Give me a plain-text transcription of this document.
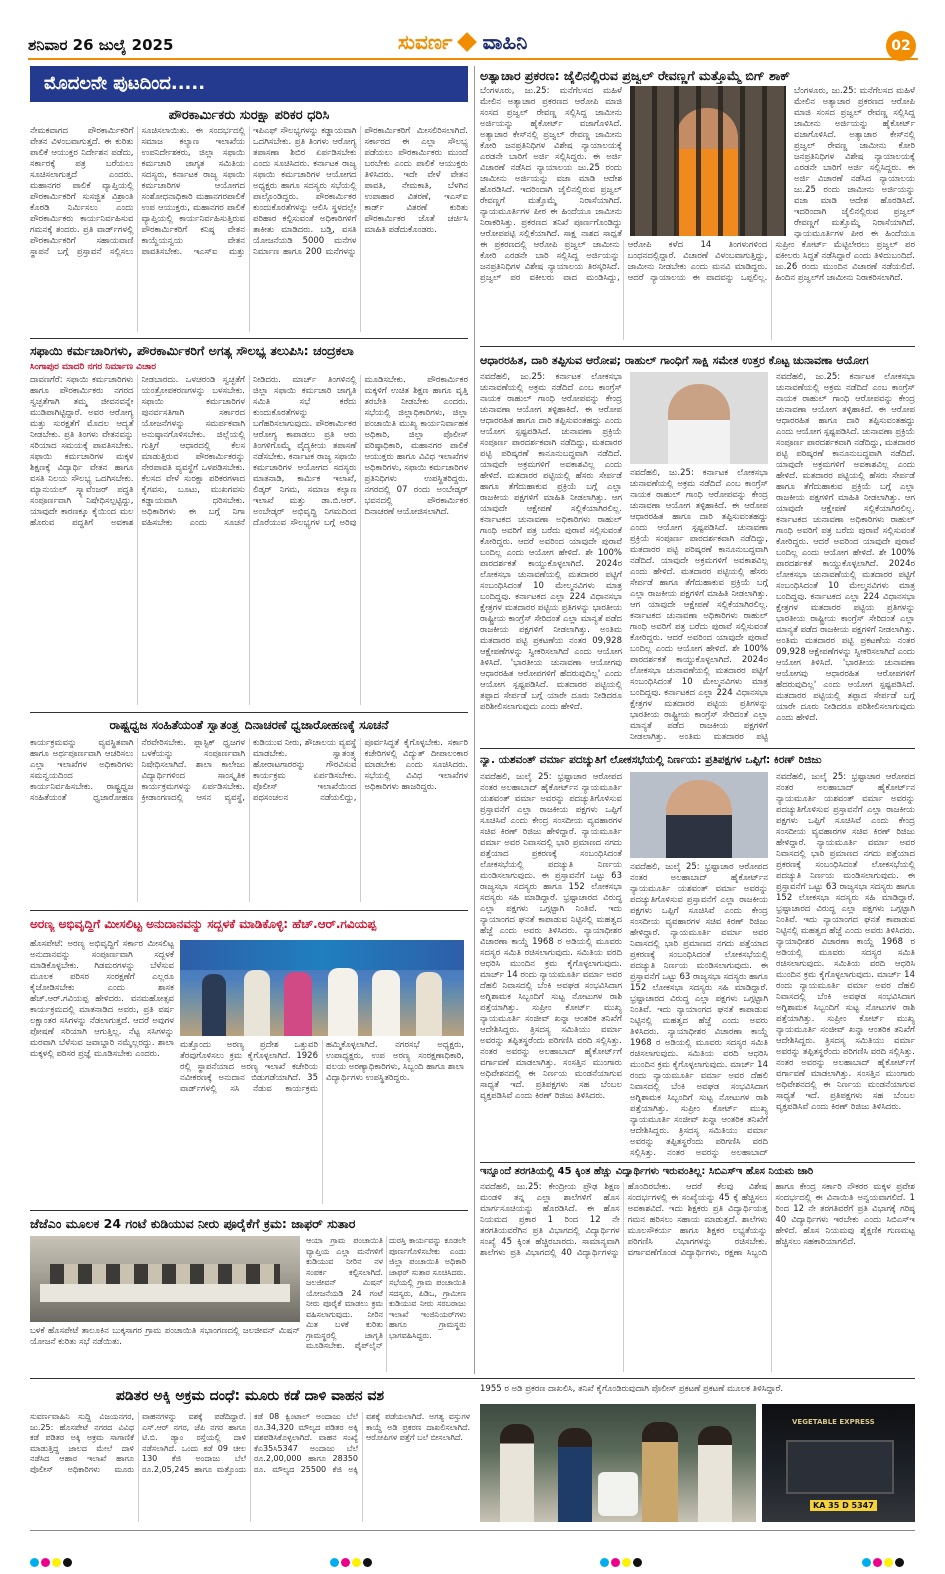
ಶನಿವಾರ 26 ಜುಲೈ 2025	ಸುವರ್ಣ ವಾಹಿನಿ	02
ಮೊದಲನೇ ಪುಟದಿಂದ.....
ಪೌರಕಾರ್ಮಿಕರು ಸುರಕ್ಷಾ ಪರಿಕರ ಧರಿಸಿ
ನೇಮಕವಾಗದ ಪೌರಕಾರ್ಮಿಕರಿಗೆ ವೇತನ ವಿಳಂಬವಾಗುತ್ತದೆ. ಈ ಕುರಿತು ಪಾಲಿಕೆ ಆಯುಕ್ತರ ನಿರ್ದೇಶನ ಪಡೆದು, ಸರ್ಕಾರಕ್ಕೆ ಪತ್ರ ಬರೆಯಲು ಸೂಚಿಸಲಾಗುತ್ತದೆ ಎಂದರು. ಮಹಾನಗರ ಪಾಲಿಕೆ ವ್ಯಾಪ್ತಿಯಲ್ಲಿ ಪೌರಕಾರ್ಮಿಕರಿಗೆ ಸುಸಜ್ಜಿತ ವಿಶ್ರಾಂತಿ ಕೊಠಡಿ ನಿರ್ಮಿಸಲು ಎಂದು ಪೌರಕಾರ್ಮಿಕರು ಕಾರ್ಯನಿರ್ವಹಿಸುವ ಗಮನಕ್ಕೆ ತಂದರು. ಪ್ರತಿ ವಾರ್ಡ್‌ಗಳಲ್ಲಿ ಪೌರಕಾರ್ಮಿಕರಿಗೆ ಸಹಾಯವಾಣಿ ಸ್ಥಾಪನೆ ಬಗ್ಗೆ ಪ್ರಸ್ತಾವನೆ ಸಲ್ಲಿಸಲು ಸೂಚಿಸಲಾಯಿತು. ಈ ಸಂದರ್ಭದಲ್ಲಿ ಸಮಾಜ ಕಲ್ಯಾಣ ಇಲಾಖೆಯ ಉಪನಿರ್ದೇಶಕರು, ಜಿಲ್ಲಾ ಸಫಾಯಿ ಕರ್ಮಚಾರಿ ಜಾಗೃತ ಸಮಿತಿಯ ಸದಸ್ಯರು, ಕರ್ನಾಟಕ ರಾಜ್ಯ ಸಫಾಯಿ ಕರ್ಮಚಾರಿಗಳ ಆಯೋಗದ ಸಂಶೋಧನಾಧಿಕಾರಿ ಮಹಾನಗರಪಾಲಿಕೆ ಉಪ ಆಯುಕ್ತರು, ಮಹಾನಗರ ಪಾಲಿಕೆ ವ್ಯಾಪ್ತಿಯಲ್ಲಿ ಕಾರ್ಯನಿರ್ವಹಿಸುತ್ತಿರುವ ಪೌರಕಾರ್ಮಿಕರಿಗೆ ಕನಿಷ್ಠ ವೇತನ ಕಾಯ್ದೆಯನ್ವಯ ವೇತನ ಪಾವತಿಸಬೇಕು. ಇಎಸ್‌ಐ ಮತ್ತು ಇಪಿಎಫ್ ಸೌಲಭ್ಯಗಳನ್ನು ಕಡ್ಡಾಯವಾಗಿ ಒದಗಿಸಬೇಕು. ಪ್ರತಿ ತಿಂಗಳು ಆರೋಗ್ಯ ತಪಾಸಣಾ ಶಿಬಿರ ಏರ್ಪಡಿಸಬೇಕು ಎಂದು ಸೂಚಿಸಿದರು. ಕರ್ನಾಟಕ ರಾಜ್ಯ ಸಫಾಯಿ ಕರ್ಮಚಾರಿಗಳ ಆಯೋಗದ ಅಧ್ಯಕ್ಷರು ಹಾಗೂ ಸದಸ್ಯರು ಸಭೆಯಲ್ಲಿ ಪಾಲ್ಗೊಂಡಿದ್ದರು. ಪೌರಕಾರ್ಮಿಕರ ಕುಂದುಕೊರತೆಗಳನ್ನು ಆಲಿಸಿ ಸ್ಥಳದಲ್ಲೇ ಪರಿಹಾರ ಕಲ್ಪಿಸುವಂತೆ ಅಧಿಕಾರಿಗಳಿಗೆ ತಾಕೀತು ಮಾಡಿದರು. ಬಡ್ತಿ, ವಸತಿ ಯೋಜನೆಯಡಿ 5000 ಮನೆಗಳ ನಿರ್ಮಾಣ ಹಾಗೂ 200 ಮನೆಗಳನ್ನು ಪೌರಕಾರ್ಮಿಕರಿಗೆ ಮೀಸಲಿರಿಸಲಾಗಿದೆ. ಸರ್ಕಾರದ ಈ ಎಲ್ಲಾ ಸೌಲಭ್ಯ ಪಡೆಯಲು ಪೌರಕಾರ್ಮಿಕರು ಮುಂದೆ ಬರಬೇಕು ಎಂದು ಪಾಲಿಕೆ ಆಯುಕ್ತರು ತಿಳಿಸಿದರು. ಇದೇ ವೇಳೆ ವೇತನ ಪಾವತಿ, ನೇಮಕಾತಿ, ಬೆಳಗಿನ ಉಪಾಹಾರ ವಿತರಣೆ, ಇಎಸ್‌ಐ ಕಾರ್ಡ್ ವಿತರಣೆ ಕುರಿತು ಪೌರಕಾರ್ಮಿಕರ ಜೊತೆ ಚರ್ಚಿಸಿ ಮಾಹಿತಿ ಪಡೆದುಕೊಂಡರು.
ಸಫಾಯಿ ಕರ್ಮಚಾರಿಗಳು, ಪೌರಕಾರ್ಮಿಕರಿಗೆ ಅಗತ್ಯ ಸೌಲಭ್ಯ ತಲುಪಿಸಿ: ಚಂದ್ರಕಲಾ
ಸಿಂಗಾಪುರ ಮಾದರಿ ನಗರ ನಿರ್ಮಾಣ ವಿಚಾರ
ದಾವಣಗೆರೆ: ಸಫಾಯಿ ಕರ್ಮಚಾರಿಗಳು ಹಾಗೂ ಪೌರಕಾರ್ಮಿಕರು ನಗರದ ಸ್ವಚ್ಛತೆಗಾಗಿ ತಮ್ಮ ಜೀವನವನ್ನೇ ಮುಡಿಪಾಗಿಟ್ಟಿದ್ದಾರೆ. ಅವರ ಆರೋಗ್ಯ ಮತ್ತು ಸುರಕ್ಷತೆಗೆ ಮೊದಲ ಆದ್ಯತೆ ನೀಡಬೇಕು. ಪ್ರತಿ ತಿಂಗಳು ವೇತನವನ್ನು ಸರಿಯಾದ ಸಮಯಕ್ಕೆ ಪಾವತಿಸಬೇಕು. ಸಫಾಯಿ ಕರ್ಮಚಾರಿಗಳ ಮಕ್ಕಳ ಶಿಕ್ಷಣಕ್ಕೆ ವಿದ್ಯಾರ್ಥಿ ವೇತನ ಹಾಗೂ ವಸತಿ ನಿಲಯ ಸೌಲಭ್ಯ ಒದಗಿಸಬೇಕು. ಮ್ಯಾನುಯಲ್ ಸ್ಕ್ಯಾವೆಂಜರ್ ಪದ್ಧತಿ ಸಂಪೂರ್ಣವಾಗಿ ನಿಷೇಧಿಸಲ್ಪಟ್ಟಿದ್ದು, ಯಾವುದೇ ಕಾರಣಕ್ಕೂ ಕೈಯಿಂದ ಮಲ ಹೊರುವ ಪದ್ಧತಿಗೆ ಅವಕಾಶ ನೀಡಬಾರದು. ಒಳಚರಂಡಿ ಸ್ವಚ್ಛತೆಗೆ ಯಂತ್ರೋಪಕರಣಗಳನ್ನು ಬಳಸಬೇಕು. ಸಫಾಯಿ ಕರ್ಮಚಾರಿಗಳ ಪುನರ್ವಸತಿಗಾಗಿ ಸರ್ಕಾರದ ಯೋಜನೆಗಳನ್ನು ಸಮರ್ಪಕವಾಗಿ ಅನುಷ್ಠಾನಗೊಳಿಸಬೇಕು. ಜಿಲ್ಲೆಯಲ್ಲಿ ಗುತ್ತಿಗೆ ಆಧಾರದಲ್ಲಿ ಕೆಲಸ ಮಾಡುತ್ತಿರುವ ಪೌರಕಾರ್ಮಿಕರನ್ನು ನೇರಪಾವತಿ ವ್ಯವಸ್ಥೆಗೆ ಒಳಪಡಿಸಬೇಕು. ಕೆಲಸದ ವೇಳೆ ಸುರಕ್ಷಾ ಪರಿಕರಗಳಾದ ಕೈಗವಸು, ಬೂಟು, ಮುಖಗವಸು ಕಡ್ಡಾಯವಾಗಿ ಧರಿಸಬೇಕು. ಅಧಿಕಾರಿಗಳು ಈ ಬಗ್ಗೆ ನಿಗಾ ವಹಿಸಬೇಕು ಎಂದು ಸೂಚನೆ ನೀಡಿದರು. ಮಾರ್ಚ್ ತಿಂಗಳಿನಲ್ಲಿ ಜಿಲ್ಲಾ ಸಫಾಯಿ ಕರ್ಮಚಾರಿ ಜಾಗೃತಿ ಸಮಿತಿ ಸಭೆ ಕರೆದು ಕುಂದುಕೊರತೆಗಳನ್ನು ಬಗೆಹರಿಸಲಾಗುವುದು. ಪೌರಕಾರ್ಮಿಕರ ಆರೋಗ್ಯ ಕಾಪಾಡಲು ಪ್ರತಿ ಆರು ತಿಂಗಳಿಗೊಮ್ಮೆ ವೈದ್ಯಕೀಯ ತಪಾಸಣೆ ನಡೆಸಬೇಕು. ಕರ್ನಾಟಕ ರಾಜ್ಯ ಸಫಾಯಿ ಕರ್ಮಚಾರಿಗಳ ಆಯೋಗದ ಸದಸ್ಯರು ಮಾತನಾಡಿ, ಕಾರ್ಮಿಕ ಇಲಾಖೆ, ಲಿಡ್ಕರ್ ನಿಗಮ, ಸಮಾಜ ಕಲ್ಯಾಣ ಇಲಾಖೆ ಮತ್ತು ಡಾ.ಬಿ.ಆರ್. ಅಂಬೇಡ್ಕರ್ ಅಭಿವೃದ್ಧಿ ನಿಗಮದಿಂದ ದೊರೆಯುವ ಸೌಲಭ್ಯಗಳ ಬಗ್ಗೆ ಅರಿವು ಮೂಡಿಸಬೇಕು. ಪೌರಕಾರ್ಮಿಕರ ಮಕ್ಕಳಿಗೆ ಉಚಿತ ಶಿಕ್ಷಣ ಹಾಗೂ ವೃತ್ತಿ ತರಬೇತಿ ನೀಡಬೇಕು ಎಂದರು. ಸಭೆಯಲ್ಲಿ ಜಿಲ್ಲಾಧಿಕಾರಿಗಳು, ಜಿಲ್ಲಾ ಪಂಚಾಯಿತಿ ಮುಖ್ಯ ಕಾರ್ಯನಿರ್ವಾಹಕ ಅಧಿಕಾರಿ, ಜಿಲ್ಲಾ ಪೊಲೀಸ್ ವರಿಷ್ಠಾಧಿಕಾರಿ, ಮಹಾನಗರ ಪಾಲಿಕೆ ಆಯುಕ್ತರು ಹಾಗೂ ವಿವಿಧ ಇಲಾಖೆಗಳ ಅಧಿಕಾರಿಗಳು, ಸಫಾಯಿ ಕರ್ಮಚಾರಿಗಳ ಪ್ರತಿನಿಧಿಗಳು ಉಪಸ್ಥಿತರಿದ್ದರು. ನಗರದಲ್ಲಿ 07 ರಂದು ಅಂಬೇಡ್ಕರ್ ಭವನದಲ್ಲಿ ಪೌರಕಾರ್ಮಿಕರ ದಿನಾಚರಣೆ ಆಯೋಜಿಸಲಾಗಿದೆ.
ರಾಷ್ಟ್ರಧ್ವಜ ಸಂಹಿತೆಯಂತೆ ಸ್ವಾತಂತ್ರ್ಯ ದಿನಾಚರಣೆ ಧ್ವಜಾರೋಹಣಕ್ಕೆ ಸೂಚನೆ
ಕಾರ್ಯಕ್ರಮವನ್ನು ವ್ಯವಸ್ಥಿತವಾಗಿ ಹಾಗೂ ಅರ್ಥಪೂರ್ಣವಾಗಿ ಆಚರಿಸಲು ಎಲ್ಲಾ ಇಲಾಖೆಗಳ ಅಧಿಕಾರಿಗಳು ಸಮನ್ವಯದಿಂದ ಕಾರ್ಯನಿರ್ವಹಿಸಬೇಕು. ರಾಷ್ಟ್ರಧ್ವಜ ಸಂಹಿತೆಯಂತೆ ಧ್ವಜಾರೋಹಣ ನೆರವೇರಿಸಬೇಕು. ಪ್ಲಾಸ್ಟಿಕ್ ಧ್ವಜಗಳ ಬಳಕೆಯನ್ನು ಸಂಪೂರ್ಣವಾಗಿ ನಿಷೇಧಿಸಲಾಗಿದೆ. ಶಾಲಾ ಕಾಲೇಜು ವಿದ್ಯಾರ್ಥಿಗಳಿಂದ ಸಾಂಸ್ಕೃತಿಕ ಕಾರ್ಯಕ್ರಮಗಳನ್ನು ಏರ್ಪಡಿಸಬೇಕು. ಕ್ರೀಡಾಂಗಣದಲ್ಲಿ ಆಸನ ವ್ಯವಸ್ಥೆ, ಕುಡಿಯುವ ನೀರು, ಶೌಚಾಲಯ ವ್ಯವಸ್ಥೆ ಮಾಡಬೇಕು. ಸ್ವಾತಂತ್ರ್ಯ ಹೋರಾಟಗಾರರನ್ನು ಗೌರವಿಸುವ ಕಾರ್ಯಕ್ರಮ ಏರ್ಪಡಿಸಬೇಕು. ಪೊಲೀಸ್ ಇಲಾಖೆಯಿಂದ ಪಥಸಂಚಲನ ನಡೆಯಲಿದ್ದು, ಪೂರ್ವಸಿದ್ಧತೆ ಕೈಗೊಳ್ಳಬೇಕು. ಸರ್ಕಾರಿ ಕಚೇರಿಗಳಲ್ಲಿ ವಿದ್ಯುತ್ ದೀಪಾಲಂಕಾರ ಮಾಡಬೇಕು ಎಂದು ಸೂಚಿಸಿದರು. ಸಭೆಯಲ್ಲಿ ವಿವಿಧ ಇಲಾಖೆಗಳ ಅಧಿಕಾರಿಗಳು ಹಾಜರಿದ್ದರು.
ಅರಣ್ಯ ಅಭಿವೃದ್ಧಿಗೆ ಮೀಸಲಿಟ್ಟ ಅನುದಾನವನ್ನು ಸದ್ಬಳಕೆ ಮಾಡಿಕೊಳ್ಳಿ: ಹೆಚ್.ಆರ್.ಗವಿಯಪ್ಪ
ಹೊಸಪೇಟೆ: ಅರಣ್ಯ ಅಭಿವೃದ್ಧಿಗೆ ಸರ್ಕಾರ ಮೀಸಲಿಟ್ಟ ಅನುದಾನವನ್ನು ಸಂಪೂರ್ಣವಾಗಿ ಸದ್ಬಳಕೆ ಮಾಡಿಕೊಳ್ಳಬೇಕು. ಗಿಡಮರಗಳನ್ನು ಬೆಳೆಸುವ ಮೂಲಕ ಪರಿಸರ ಸಂರಕ್ಷಣೆಗೆ ಎಲ್ಲರೂ ಕೈಜೋಡಿಸಬೇಕು ಎಂದು ಶಾಸಕ ಹೆಚ್.ಆರ್.ಗವಿಯಪ್ಪ ಹೇಳಿದರು. ವನಮಹೋತ್ಸವ ಕಾರ್ಯಕ್ರಮದಲ್ಲಿ ಮಾತನಾಡಿದ ಅವರು, ಪ್ರತಿ ವರ್ಷ ಲಕ್ಷಾಂತರ ಸಸಿಗಳನ್ನು ನೆಡಲಾಗುತ್ತದೆ. ಆದರೆ ಅವುಗಳ ಪೋಷಣೆ ಸರಿಯಾಗಿ ಆಗುತ್ತಿಲ್ಲ. ನೆಟ್ಟ ಸಸಿಗಳನ್ನು ಮರವಾಗಿ ಬೆಳೆಸುವ ಜವಾಬ್ದಾರಿ ನಮ್ಮೆಲ್ಲರದ್ದು. ಶಾಲಾ ಮಕ್ಕಳಲ್ಲಿ ಪರಿಸರ ಪ್ರಜ್ಞೆ ಮೂಡಿಸಬೇಕು ಎಂದರು.
ಮತ್ತೊಂದು ಅರಣ್ಯ ಪ್ರದೇಶ ಒತ್ತುವರಿ ತೆರವುಗೊಳಿಸಲು ಕ್ರಮ ಕೈಗೊಳ್ಳಲಾಗಿದೆ. 1926 ರಲ್ಲಿ ಸ್ಥಾಪನೆಯಾದ ಅರಣ್ಯ ಇಲಾಖೆ ಕಚೇರಿಯ ನವೀಕರಣಕ್ಕೆ ಅನುದಾನ ಬಿಡುಗಡೆಯಾಗಿದೆ. 35 ವಾರ್ಡ್‌ಗಳಲ್ಲಿ ಸಸಿ ನೆಡುವ ಕಾರ್ಯಕ್ರಮ ಹಮ್ಮಿಕೊಳ್ಳಲಾಗಿದೆ. ನಗರಸಭೆ ಅಧ್ಯಕ್ಷರು, ಉಪಾಧ್ಯಕ್ಷರು, ಉಪ ಅರಣ್ಯ ಸಂರಕ್ಷಣಾಧಿಕಾರಿ, ವಲಯ ಅರಣ್ಯಾಧಿಕಾರಿಗಳು, ಸಿಬ್ಬಂದಿ ಹಾಗೂ ಶಾಲಾ ವಿದ್ಯಾರ್ಥಿಗಳು ಉಪಸ್ಥಿತರಿದ್ದರು.
ಜೆಜೆಎಂ ಮೂಲಕ 24 ಗಂಟೆ ಕುಡಿಯುವ ನೀರು ಪೂರೈಕೆಗೆ ಕ್ರಮ: ಜಾಫರ್ ಸುತಾರ
ಬಳಕೆ ಹೊಸಪೇಟೆ ತಾಲೂಕಿನ ಬುಕ್ಕಸಾಗರ ಗ್ರಾಮ ಪಂಚಾಯಿತಿ ಸಭಾಂಗಣದಲ್ಲಿ ಜಲಜೀವನ್ ಮಿಷನ್ ಯೋಜನೆ ಕುರಿತು ಸಭೆ ನಡೆಯಿತು.
ಆಯಾ ಗ್ರಾಮ ಪಂಚಾಯಿತಿ ವ್ಯಾಪ್ತಿಯ ಎಲ್ಲಾ ಮನೆಗಳಿಗೆ ಕುಡಿಯುವ ನೀರಿನ ನಳ ಸಂಪರ್ಕ ಕಲ್ಪಿಸಲಾಗಿದೆ. ಜಲಜೀವನ್ ಮಿಷನ್ ಯೋಜನೆಯಡಿ 24 ಗಂಟೆ ನೀರು ಪೂರೈಕೆ ಮಾಡಲು ಕ್ರಮ ವಹಿಸಲಾಗುವುದು. ನೀರಿನ ಮಿತ ಬಳಕೆ ಕುರಿತು ಗ್ರಾಮಸ್ಥರಲ್ಲಿ ಜಾಗೃತಿ ಮೂಡಿಸಬೇಕು. ಪೈಪ್‌ಲೈನ್ ದುರಸ್ತಿ ಕಾರ್ಯವನ್ನು ಕೂಡಲೇ ಪೂರ್ಣಗೊಳಿಸಬೇಕು ಎಂದು ಜಿಲ್ಲಾ ಪಂಚಾಯಿತಿ ಅಧಿಕಾರಿ ಜಾಫರ್ ಸುತಾರ ಸೂಚಿಸಿದರು. ಸಭೆಯಲ್ಲಿ ಗ್ರಾಮ ಪಂಚಾಯಿತಿ ಸದಸ್ಯರು, ಪಿಡಿಒ, ಗ್ರಾಮೀಣ ಕುಡಿಯುವ ನೀರು ಸರಬರಾಜು ಇಲಾಖೆ ಇಂಜಿನಿಯರ್‌ಗಳು ಹಾಗೂ ಗ್ರಾಮಸ್ಥರು ಭಾಗವಹಿಸಿದ್ದರು.
ಅತ್ಯಾಚಾರ ಪ್ರಕರಣ: ಜೈಲಿನಲ್ಲಿರುವ ಪ್ರಜ್ವಲ್ ರೇವಣ್ಣಗೆ ಮತ್ತೊಮ್ಮೆ ಬಿಗ್ ಶಾಕ್
ಬೆಂಗಳೂರು, ಜು.25: ಮನೆಗೆಲಸದ ಮಹಿಳೆ ಮೇಲಿನ ಅತ್ಯಾಚಾರ ಪ್ರಕರಣದ ಆರೋಪಿ ಮಾಜಿ ಸಂಸದ ಪ್ರಜ್ವಲ್ ರೇವಣ್ಣ ಸಲ್ಲಿಸಿದ್ದ ಜಾಮೀನು ಅರ್ಜಿಯನ್ನು ಹೈಕೋರ್ಟ್ ವಜಾಗೊಳಿಸಿದೆ. ಅತ್ಯಾಚಾರ ಕೇಸ್‌ನಲ್ಲಿ ಪ್ರಜ್ವಲ್ ರೇವಣ್ಣ ಜಾಮೀನು ಕೋರಿ ಜನಪ್ರತಿನಿಧಿಗಳ ವಿಶೇಷ ನ್ಯಾಯಾಲಯಕ್ಕೆ ಎರಡನೇ ಬಾರಿಗೆ ಅರ್ಜಿ ಸಲ್ಲಿಸಿದ್ದರು. ಈ ಅರ್ಜಿ ವಿಚಾರಣೆ ನಡೆಸಿದ ನ್ಯಾಯಾಲಯ ಜು.25 ರಂದು ಜಾಮೀನು ಅರ್ಜಿಯನ್ನು ವಜಾ ಮಾಡಿ ಆದೇಶ ಹೊರಡಿಸಿದೆ. ಇದರಿಂದಾಗಿ ಜೈಲಿನಲ್ಲಿರುವ ಪ್ರಜ್ವಲ್ ರೇವಣ್ಣಗೆ ಮತ್ತೊಮ್ಮೆ ನಿರಾಸೆಯಾಗಿದೆ. ನ್ಯಾಯಮೂರ್ತಿಗಳ ಪೀಠ ಈ ಹಿಂದೆಯೂ ಜಾಮೀನು ನಿರಾಕರಿಸಿತ್ತು. ಪ್ರಕರಣದ ತನಿಖೆ ಪೂರ್ಣಗೊಂಡಿದ್ದು ಆರೋಪಪಟ್ಟಿ ಸಲ್ಲಿಕೆಯಾಗಿದೆ. ಸಾಕ್ಷ್ಯ ನಾಶದ ಸಾಧ್ಯತೆ
ಬೆಂಗಳೂರು, ಜು.25: ಮನೆಗೆಲಸದ ಮಹಿಳೆ ಮೇಲಿನ ಅತ್ಯಾಚಾರ ಪ್ರಕರಣದ ಆರೋಪಿ ಮಾಜಿ ಸಂಸದ ಪ್ರಜ್ವಲ್ ರೇವಣ್ಣ ಸಲ್ಲಿಸಿದ್ದ ಜಾಮೀನು ಅರ್ಜಿಯನ್ನು ಹೈಕೋರ್ಟ್ ವಜಾಗೊಳಿಸಿದೆ. ಅತ್ಯಾಚಾರ ಕೇಸ್‌ನಲ್ಲಿ ಪ್ರಜ್ವಲ್ ರೇವಣ್ಣ ಜಾಮೀನು ಕೋರಿ ಜನಪ್ರತಿನಿಧಿಗಳ ವಿಶೇಷ ನ್ಯಾಯಾಲಯಕ್ಕೆ ಎರಡನೇ ಬಾರಿಗೆ ಅರ್ಜಿ ಸಲ್ಲಿಸಿದ್ದರು. ಈ ಅರ್ಜಿ ವಿಚಾರಣೆ ನಡೆಸಿದ ನ್ಯಾಯಾಲಯ ಜು.25 ರಂದು ಜಾಮೀನು ಅರ್ಜಿಯನ್ನು ವಜಾ ಮಾಡಿ ಆದೇಶ ಹೊರಡಿಸಿದೆ. ಇದರಿಂದಾಗಿ ಜೈಲಿನಲ್ಲಿರುವ ಪ್ರಜ್ವಲ್ ರೇವಣ್ಣಗೆ ಮತ್ತೊಮ್ಮೆ ನಿರಾಸೆಯಾಗಿದೆ. ನ್ಯಾಯಮೂರ್ತಿಗಳ ಪೀಠ ಈ ಹಿಂದೆಯೂ
ಈ ಪ್ರಕರಣದಲ್ಲಿ ಆರೋಪಿ ಪ್ರಜ್ವಲ್ ಜಾಮೀನು ಕೋರಿ ಎರಡನೇ ಬಾರಿ ಸಲ್ಲಿಸಿದ್ದ ಅರ್ಜಿಯನ್ನು ಜನಪ್ರತಿನಿಧಿಗಳ ವಿಶೇಷ ನ್ಯಾಯಾಲಯ ತಿರಸ್ಕರಿಸಿದೆ. ಪ್ರಜ್ವಲ್ ಪರ ವಕೀಲರು ವಾದ ಮಂಡಿಸಿದ್ದು, ಆರೋಪಿ ಕಳೆದ 14 ತಿಂಗಳುಗಳಿಂದ ಬಂಧನದಲ್ಲಿದ್ದಾರೆ. ವಿಚಾರಣೆ ವಿಳಂಬವಾಗುತ್ತಿದ್ದು, ಜಾಮೀನು ನೀಡಬೇಕು ಎಂದು ಮನವಿ ಮಾಡಿದ್ದರು. ಆದರೆ ನ್ಯಾಯಾಲಯ ಈ ವಾದವನ್ನು ಒಪ್ಪಲಿಲ್ಲ. ಸುಪ್ರೀಂ ಕೋರ್ಟ್ ಮೆಟ್ಟಿಲೇರಲು ಪ್ರಜ್ವಲ್ ಪರ ವಕೀಲರು ಸಿದ್ಧತೆ ನಡೆಸಿದ್ದಾರೆ ಎಂದು ತಿಳಿದುಬಂದಿದೆ. ಜು.26 ರಂದು ಮುಂದಿನ ವಿಚಾರಣೆ ನಡೆಯಲಿದೆ. ಹಿಂದಿನ ಪ್ರಜ್ವಲ್‌ಗೆ ಜಾಮೀನು ನಿರಾಕರಿಸಲಾಗಿದೆ.
ಆಧಾರರಹಿತ, ದಾರಿ ತಪ್ಪಿಸುವ ಆರೋಪ; ರಾಹುಲ್ ಗಾಂಧಿಗೆ ಸಾಕ್ಷಿ ಸಮೇತ ಉತ್ತರ ಕೊಟ್ಟ ಚುನಾವಣಾ ಆಯೋಗ
ನವದೆಹಲಿ, ಜು.25: ಕರ್ನಾಟಕ ಲೋಕಸಭಾ ಚುನಾವಣೆಯಲ್ಲಿ ಅಕ್ರಮ ನಡೆದಿದೆ ಎಂಬ ಕಾಂಗ್ರೆಸ್ ನಾಯಕ ರಾಹುಲ್ ಗಾಂಧಿ ಆರೋಪವನ್ನು ಕೇಂದ್ರ ಚುನಾವಣಾ ಆಯೋಗ ತಳ್ಳಿಹಾಕಿದೆ. ಈ ಆರೋಪ ಆಧಾರರಹಿತ ಹಾಗೂ ದಾರಿ ತಪ್ಪಿಸುವಂತಹದ್ದು ಎಂದು ಆಯೋಗ ಸ್ಪಷ್ಟಪಡಿಸಿದೆ. ಚುನಾವಣಾ ಪ್ರಕ್ರಿಯೆ ಸಂಪೂರ್ಣ ಪಾರದರ್ಶಕವಾಗಿ ನಡೆದಿದ್ದು, ಮತದಾರರ ಪಟ್ಟಿ ಪರಿಷ್ಕರಣೆ ಕಾನೂನುಬದ್ಧವಾಗಿ ನಡೆದಿದೆ. ಯಾವುದೇ ಅಕ್ರಮಗಳಿಗೆ ಅವಕಾಶವಿಲ್ಲ ಎಂದು ಹೇಳಿದೆ. ಮತದಾರರ ಪಟ್ಟಿಯಲ್ಲಿ ಹೆಸರು ಸೇರ್ಪಡೆ ಹಾಗೂ ತೆಗೆದುಹಾಕುವ ಪ್ರಕ್ರಿಯೆ ಬಗ್ಗೆ ಎಲ್ಲಾ ರಾಜಕೀಯ ಪಕ್ಷಗಳಿಗೆ ಮಾಹಿತಿ ನೀಡಲಾಗಿತ್ತು. ಆಗ ಯಾವುದೇ ಆಕ್ಷೇಪಣೆ ಸಲ್ಲಿಕೆಯಾಗಿರಲಿಲ್ಲ. ಕರ್ನಾಟಕದ ಚುನಾವಣಾ ಅಧಿಕಾರಿಗಳು ರಾಹುಲ್ ಗಾಂಧಿ ಅವರಿಗೆ ಪತ್ರ ಬರೆದು ಪುರಾವೆ ಸಲ್ಲಿಸುವಂತೆ ಕೋರಿದ್ದರು. ಆದರೆ ಅವರಿಂದ ಯಾವುದೇ ಪುರಾವೆ ಬಂದಿಲ್ಲ ಎಂದು ಆಯೋಗ ಹೇಳಿದೆ. ಶೇ 100% ಪಾರದರ್ಶಕತೆ ಕಾಯ್ದುಕೊಳ್ಳಲಾಗಿದೆ. 2024ರ ಲೋಕಸಭಾ ಚುನಾವಣೆಯಲ್ಲಿ ಮತದಾರರ ಪಟ್ಟಿಗೆ ಸಂಬಂಧಿಸಿದಂತೆ 10 ಮೇಲ್ಮನವಿಗಳು ಮಾತ್ರ ಬಂದಿದ್ದವು. ಕರ್ನಾಟಕದ ಎಲ್ಲಾ 224 ವಿಧಾನಸಭಾ ಕ್ಷೇತ್ರಗಳ ಮತದಾರರ ಪಟ್ಟಿಯ ಪ್ರತಿಗಳನ್ನು ಭಾರತೀಯ ರಾಷ್ಟ್ರೀಯ ಕಾಂಗ್ರೆಸ್ ಸೇರಿದಂತೆ ಎಲ್ಲಾ ಮಾನ್ಯತೆ ಪಡೆದ ರಾಜಕೀಯ ಪಕ್ಷಗಳಿಗೆ ನೀಡಲಾಗಿತ್ತು. ಅಂತಿಮ ಮತದಾರರ ಪಟ್ಟಿ ಪ್ರಕಟಣೆಯ ನಂತರ 09,928 ಆಕ್ಷೇಪಣೆಗಳನ್ನು ಸ್ವೀಕರಿಸಲಾಗಿದೆ ಎಂದು ಆಯೋಗ ತಿಳಿಸಿದೆ. 'ಭಾರತೀಯ ಚುನಾವಣಾ ಆಯೋಗವು ಆಧಾರರಹಿತ ಆರೋಪಗಳಿಗೆ ಹೆದರುವುದಿಲ್ಲ' ಎಂದು ಆಯೋಗ ಸ್ಪಷ್ಟಪಡಿಸಿದೆ. ಮತದಾರರ ಪಟ್ಟಿಯಲ್ಲಿ ತಪ್ಪಾದ ಸೇರ್ಪಡೆ ಬಗ್ಗೆ ಯಾರೇ ದೂರು ನೀಡಿದರೂ ಪರಿಶೀಲಿಸಲಾಗುವುದು ಎಂದು ಹೇಳಿದೆ.
ನವದೆಹಲಿ, ಜು.25: ಕರ್ನಾಟಕ ಲೋಕಸಭಾ ಚುನಾವಣೆಯಲ್ಲಿ ಅಕ್ರಮ ನಡೆದಿದೆ ಎಂಬ ಕಾಂಗ್ರೆಸ್ ನಾಯಕ ರಾಹುಲ್ ಗಾಂಧಿ ಆರೋಪವನ್ನು ಕೇಂದ್ರ ಚುನಾವಣಾ ಆಯೋಗ ತಳ್ಳಿಹಾಕಿದೆ. ಈ ಆರೋಪ ಆಧಾರರಹಿತ ಹಾಗೂ ದಾರಿ ತಪ್ಪಿಸುವಂತಹದ್ದು ಎಂದು ಆಯೋಗ ಸ್ಪಷ್ಟಪಡಿಸಿದೆ. ಚುನಾವಣಾ ಪ್ರಕ್ರಿಯೆ ಸಂಪೂರ್ಣ ಪಾರದರ್ಶಕವಾಗಿ ನಡೆದಿದ್ದು, ಮತದಾರರ ಪಟ್ಟಿ ಪರಿಷ್ಕರಣೆ ಕಾನೂನುಬದ್ಧವಾಗಿ ನಡೆದಿದೆ. ಯಾವುದೇ ಅಕ್ರಮಗಳಿಗೆ ಅವಕಾಶವಿಲ್ಲ ಎಂದು ಹೇಳಿದೆ. ಮತದಾರರ ಪಟ್ಟಿಯಲ್ಲಿ ಹೆಸರು ಸೇರ್ಪಡೆ ಹಾಗೂ ತೆಗೆದುಹಾಕುವ ಪ್ರಕ್ರಿಯೆ ಬಗ್ಗೆ ಎಲ್ಲಾ ರಾಜಕೀಯ ಪಕ್ಷಗಳಿಗೆ ಮಾಹಿತಿ ನೀಡಲಾಗಿತ್ತು. ಆಗ ಯಾವುದೇ ಆಕ್ಷೇಪಣೆ ಸಲ್ಲಿಕೆಯಾಗಿರಲಿಲ್ಲ. ಕರ್ನಾಟಕದ ಚುನಾವಣಾ ಅಧಿಕಾರಿಗಳು ರಾಹುಲ್ ಗಾಂಧಿ ಅವರಿಗೆ ಪತ್ರ ಬರೆದು ಪುರಾವೆ ಸಲ್ಲಿಸುವಂತೆ ಕೋರಿದ್ದರು. ಆದರೆ ಅವರಿಂದ ಯಾವುದೇ ಪುರಾವೆ ಬಂದಿಲ್ಲ ಎಂದು ಆಯೋಗ ಹೇಳಿದೆ. ಶೇ 100% ಪಾರದರ್ಶಕತೆ ಕಾಯ್ದುಕೊಳ್ಳಲಾಗಿದೆ. 2024ರ ಲೋಕಸಭಾ ಚುನಾವಣೆಯಲ್ಲಿ ಮತದಾರರ ಪಟ್ಟಿಗೆ ಸಂಬಂಧಿಸಿದಂತೆ 10 ಮೇಲ್ಮನವಿಗಳು ಮಾತ್ರ ಬಂದಿದ್ದವು. ಕರ್ನಾಟಕದ ಎಲ್ಲಾ 224 ವಿಧಾನಸಭಾ ಕ್ಷೇತ್ರಗಳ ಮತದಾರರ ಪಟ್ಟಿಯ ಪ್ರತಿಗಳನ್ನು ಭಾರತೀಯ ರಾಷ್ಟ್ರೀಯ ಕಾಂಗ್ರೆಸ್ ಸೇರಿದಂತೆ ಎಲ್ಲಾ ಮಾನ್ಯತೆ ಪಡೆದ ರಾಜಕೀಯ ಪಕ್ಷಗಳಿಗೆ ನೀಡಲಾಗಿತ್ತು. ಅಂತಿಮ ಮತದಾರರ ಪಟ್ಟಿ
ನವದೆಹಲಿ, ಜು.25: ಕರ್ನಾಟಕ ಲೋಕಸಭಾ ಚುನಾವಣೆಯಲ್ಲಿ ಅಕ್ರಮ ನಡೆದಿದೆ ಎಂಬ ಕಾಂಗ್ರೆಸ್ ನಾಯಕ ರಾಹುಲ್ ಗಾಂಧಿ ಆರೋಪವನ್ನು ಕೇಂದ್ರ ಚುನಾವಣಾ ಆಯೋಗ ತಳ್ಳಿಹಾಕಿದೆ. ಈ ಆರೋಪ ಆಧಾರರಹಿತ ಹಾಗೂ ದಾರಿ ತಪ್ಪಿಸುವಂತಹದ್ದು ಎಂದು ಆಯೋಗ ಸ್ಪಷ್ಟಪಡಿಸಿದೆ. ಚುನಾವಣಾ ಪ್ರಕ್ರಿಯೆ ಸಂಪೂರ್ಣ ಪಾರದರ್ಶಕವಾಗಿ ನಡೆದಿದ್ದು, ಮತದಾರರ ಪಟ್ಟಿ ಪರಿಷ್ಕರಣೆ ಕಾನೂನುಬದ್ಧವಾಗಿ ನಡೆದಿದೆ. ಯಾವುದೇ ಅಕ್ರಮಗಳಿಗೆ ಅವಕಾಶವಿಲ್ಲ ಎಂದು ಹೇಳಿದೆ. ಮತದಾರರ ಪಟ್ಟಿಯಲ್ಲಿ ಹೆಸರು ಸೇರ್ಪಡೆ ಹಾಗೂ ತೆಗೆದುಹಾಕುವ ಪ್ರಕ್ರಿಯೆ ಬಗ್ಗೆ ಎಲ್ಲಾ ರಾಜಕೀಯ ಪಕ್ಷಗಳಿಗೆ ಮಾಹಿತಿ ನೀಡಲಾಗಿತ್ತು. ಆಗ ಯಾವುದೇ ಆಕ್ಷೇಪಣೆ ಸಲ್ಲಿಕೆಯಾಗಿರಲಿಲ್ಲ. ಕರ್ನಾಟಕದ ಚುನಾವಣಾ ಅಧಿಕಾರಿಗಳು ರಾಹುಲ್ ಗಾಂಧಿ ಅವರಿಗೆ ಪತ್ರ ಬರೆದು ಪುರಾವೆ ಸಲ್ಲಿಸುವಂತೆ ಕೋರಿದ್ದರು. ಆದರೆ ಅವರಿಂದ ಯಾವುದೇ ಪುರಾವೆ ಬಂದಿಲ್ಲ ಎಂದು ಆಯೋಗ ಹೇಳಿದೆ. ಶೇ 100% ಪಾರದರ್ಶಕತೆ ಕಾಯ್ದುಕೊಳ್ಳಲಾಗಿದೆ. 2024ರ ಲೋಕಸಭಾ ಚುನಾವಣೆಯಲ್ಲಿ ಮತದಾರರ ಪಟ್ಟಿಗೆ ಸಂಬಂಧಿಸಿದಂತೆ 10 ಮೇಲ್ಮನವಿಗಳು ಮಾತ್ರ ಬಂದಿದ್ದವು. ಕರ್ನಾಟಕದ ಎಲ್ಲಾ 224 ವಿಧಾನಸಭಾ ಕ್ಷೇತ್ರಗಳ ಮತದಾರರ ಪಟ್ಟಿಯ ಪ್ರತಿಗಳನ್ನು ಭಾರತೀಯ ರಾಷ್ಟ್ರೀಯ ಕಾಂಗ್ರೆಸ್ ಸೇರಿದಂತೆ ಎಲ್ಲಾ ಮಾನ್ಯತೆ ಪಡೆದ ರಾಜಕೀಯ ಪಕ್ಷಗಳಿಗೆ ನೀಡಲಾಗಿತ್ತು. ಅಂತಿಮ ಮತದಾರರ ಪಟ್ಟಿ ಪ್ರಕಟಣೆಯ ನಂತರ 09,928 ಆಕ್ಷೇಪಣೆಗಳನ್ನು ಸ್ವೀಕರಿಸಲಾಗಿದೆ ಎಂದು ಆಯೋಗ ತಿಳಿಸಿದೆ. 'ಭಾರತೀಯ ಚುನಾವಣಾ ಆಯೋಗವು ಆಧಾರರಹಿತ ಆರೋಪಗಳಿಗೆ ಹೆದರುವುದಿಲ್ಲ' ಎಂದು ಆಯೋಗ ಸ್ಪಷ್ಟಪಡಿಸಿದೆ. ಮತದಾರರ ಪಟ್ಟಿಯಲ್ಲಿ ತಪ್ಪಾದ ಸೇರ್ಪಡೆ ಬಗ್ಗೆ ಯಾರೇ ದೂರು ನೀಡಿದರೂ ಪರಿಶೀಲಿಸಲಾಗುವುದು ಎಂದು ಹೇಳಿದೆ.
ನ್ಯಾ. ಯಶವಂತ್ ವರ್ಮಾ ಪದಚ್ಯುತಿಗೆ ಲೋಕಸಭೆಯಲ್ಲಿ ನಿರ್ಣಯ: ಪ್ರತಿಪಕ್ಷಗಳ ಒಪ್ಪಿಗೆ: ಕಿರಣ್ ರಿಜಿಜು
ನವದೆಹಲಿ, ಜುಲೈ 25: ಭ್ರಷ್ಟಾಚಾರ ಆರೋಪದ ನಂತರ ಅಲಹಾಬಾದ್ ಹೈಕೋರ್ಟ್‌ನ ನ್ಯಾಯಮೂರ್ತಿ ಯಶವಂತ್ ವರ್ಮಾ ಅವರನ್ನು ಪದಚ್ಯುತಿಗೊಳಿಸುವ ಪ್ರಸ್ತಾವನೆಗೆ ಎಲ್ಲಾ ರಾಜಕೀಯ ಪಕ್ಷಗಳು ಒಪ್ಪಿಗೆ ಸೂಚಿಸಿವೆ ಎಂದು ಕೇಂದ್ರ ಸಂಸದೀಯ ವ್ಯವಹಾರಗಳ ಸಚಿವ ಕಿರಣ್ ರಿಜಿಜು ಹೇಳಿದ್ದಾರೆ. ನ್ಯಾಯಮೂರ್ತಿ ವರ್ಮಾ ಅವರ ನಿವಾಸದಲ್ಲಿ ಭಾರಿ ಪ್ರಮಾಣದ ನಗದು ಪತ್ತೆಯಾದ ಪ್ರಕರಣಕ್ಕೆ ಸಂಬಂಧಿಸಿದಂತೆ ಲೋಕಸಭೆಯಲ್ಲಿ ಪದಚ್ಯುತಿ ನಿರ್ಣಯ ಮಂಡಿಸಲಾಗುವುದು. ಈ ಪ್ರಸ್ತಾವನೆಗೆ ಒಟ್ಟು 63 ರಾಜ್ಯಸಭಾ ಸದಸ್ಯರು ಹಾಗೂ 152 ಲೋಕಸಭಾ ಸದಸ್ಯರು ಸಹಿ ಮಾಡಿದ್ದಾರೆ. ಭ್ರಷ್ಟಾಚಾರದ ವಿರುದ್ಧ ಎಲ್ಲಾ ಪಕ್ಷಗಳು ಒಗ್ಗಟ್ಟಾಗಿ ನಿಂತಿವೆ. ಇದು ನ್ಯಾಯಾಂಗದ ಘನತೆ ಕಾಪಾಡುವ ನಿಟ್ಟಿನಲ್ಲಿ ಮಹತ್ವದ ಹೆಜ್ಜೆ ಎಂದು ಅವರು ತಿಳಿಸಿದರು. ನ್ಯಾಯಾಧೀಶರ ವಿಚಾರಣಾ ಕಾಯ್ದೆ 1968 ರ ಅಡಿಯಲ್ಲಿ ಮೂವರು ಸದಸ್ಯರ ಸಮಿತಿ ರಚಿಸಲಾಗುವುದು. ಸಮಿತಿಯ ವರದಿ ಆಧರಿಸಿ ಮುಂದಿನ ಕ್ರಮ ಕೈಗೊಳ್ಳಲಾಗುವುದು. ಮಾರ್ಚ್ 14 ರಂದು ನ್ಯಾಯಮೂರ್ತಿ ವರ್ಮಾ ಅವರ ದೆಹಲಿ ನಿವಾಸದಲ್ಲಿ ಬೆಂಕಿ ಅವಘಡ ಸಂಭವಿಸಿದಾಗ ಅಗ್ನಿಶಾಮಕ ಸಿಬ್ಬಂದಿಗೆ ಸುಟ್ಟ ನೋಟುಗಳ ರಾಶಿ ಪತ್ತೆಯಾಗಿತ್ತು. ಸುಪ್ರೀಂ ಕೋರ್ಟ್ ಮುಖ್ಯ ನ್ಯಾಯಮೂರ್ತಿ ಸಂಜೀವ್ ಖನ್ನಾ ಆಂತರಿಕ ತನಿಖೆಗೆ ಆದೇಶಿಸಿದ್ದರು. ತ್ರಿಸದಸ್ಯ ಸಮಿತಿಯು ವರ್ಮಾ ಅವರನ್ನು ತಪ್ಪಿತಸ್ಥರೆಂದು ಪರಿಗಣಿಸಿ ವರದಿ ಸಲ್ಲಿಸಿತ್ತು. ನಂತರ ಅವರನ್ನು ಅಲಹಾಬಾದ್ ಹೈಕೋರ್ಟ್‌ಗೆ ವರ್ಗಾವಣೆ ಮಾಡಲಾಗಿತ್ತು. ಸಂಸತ್ತಿನ ಮುಂಗಾರು ಅಧಿವೇಶನದಲ್ಲಿ ಈ ನಿರ್ಣಯ ಮಂಡನೆಯಾಗುವ ಸಾಧ್ಯತೆ ಇದೆ. ಪ್ರತಿಪಕ್ಷಗಳು ಸಹ ಬೆಂಬಲ ವ್ಯಕ್ತಪಡಿಸಿವೆ ಎಂದು ಕಿರಣ್ ರಿಜಿಜು ತಿಳಿಸಿದರು.
ನವದೆಹಲಿ, ಜುಲೈ 25: ಭ್ರಷ್ಟಾಚಾರ ಆರೋಪದ ನಂತರ ಅಲಹಾಬಾದ್ ಹೈಕೋರ್ಟ್‌ನ ನ್ಯಾಯಮೂರ್ತಿ ಯಶವಂತ್ ವರ್ಮಾ ಅವರನ್ನು ಪದಚ್ಯುತಿಗೊಳಿಸುವ ಪ್ರಸ್ತಾವನೆಗೆ ಎಲ್ಲಾ ರಾಜಕೀಯ ಪಕ್ಷಗಳು ಒಪ್ಪಿಗೆ ಸೂಚಿಸಿವೆ ಎಂದು ಕೇಂದ್ರ ಸಂಸದೀಯ ವ್ಯವಹಾರಗಳ ಸಚಿವ ಕಿರಣ್ ರಿಜಿಜು ಹೇಳಿದ್ದಾರೆ. ನ್ಯಾಯಮೂರ್ತಿ ವರ್ಮಾ ಅವರ ನಿವಾಸದಲ್ಲಿ ಭಾರಿ ಪ್ರಮಾಣದ ನಗದು ಪತ್ತೆಯಾದ ಪ್ರಕರಣಕ್ಕೆ ಸಂಬಂಧಿಸಿದಂತೆ ಲೋಕಸಭೆಯಲ್ಲಿ ಪದಚ್ಯುತಿ ನಿರ್ಣಯ ಮಂಡಿಸಲಾಗುವುದು. ಈ ಪ್ರಸ್ತಾವನೆಗೆ ಒಟ್ಟು 63 ರಾಜ್ಯಸಭಾ ಸದಸ್ಯರು ಹಾಗೂ 152 ಲೋಕಸಭಾ ಸದಸ್ಯರು ಸಹಿ ಮಾಡಿದ್ದಾರೆ. ಭ್ರಷ್ಟಾಚಾರದ ವಿರುದ್ಧ ಎಲ್ಲಾ ಪಕ್ಷಗಳು ಒಗ್ಗಟ್ಟಾಗಿ ನಿಂತಿವೆ. ಇದು ನ್ಯಾಯಾಂಗದ ಘನತೆ ಕಾಪಾಡುವ ನಿಟ್ಟಿನಲ್ಲಿ ಮಹತ್ವದ ಹೆಜ್ಜೆ ಎಂದು ಅವರು ತಿಳಿಸಿದರು. ನ್ಯಾಯಾಧೀಶರ ವಿಚಾರಣಾ ಕಾಯ್ದೆ 1968 ರ ಅಡಿಯಲ್ಲಿ ಮೂವರು ಸದಸ್ಯರ ಸಮಿತಿ ರಚಿಸಲಾಗುವುದು. ಸಮಿತಿಯ ವರದಿ ಆಧರಿಸಿ ಮುಂದಿನ ಕ್ರಮ ಕೈಗೊಳ್ಳಲಾಗುವುದು. ಮಾರ್ಚ್ 14 ರಂದು ನ್ಯಾಯಮೂರ್ತಿ ವರ್ಮಾ ಅವರ ದೆಹಲಿ ನಿವಾಸದಲ್ಲಿ ಬೆಂಕಿ ಅವಘಡ ಸಂಭವಿಸಿದಾಗ ಅಗ್ನಿಶಾಮಕ ಸಿಬ್ಬಂದಿಗೆ ಸುಟ್ಟ ನೋಟುಗಳ ರಾಶಿ ಪತ್ತೆಯಾಗಿತ್ತು. ಸುಪ್ರೀಂ ಕೋರ್ಟ್ ಮುಖ್ಯ ನ್ಯಾಯಮೂರ್ತಿ ಸಂಜೀವ್ ಖನ್ನಾ ಆಂತರಿಕ ತನಿಖೆಗೆ ಆದೇಶಿಸಿದ್ದರು. ತ್ರಿಸದಸ್ಯ ಸಮಿತಿಯು ವರ್ಮಾ ಅವರನ್ನು ತಪ್ಪಿತಸ್ಥರೆಂದು ಪರಿಗಣಿಸಿ ವರದಿ ಸಲ್ಲಿಸಿತ್ತು. ನಂತರ ಅವರನ್ನು ಅಲಹಾಬಾದ್
ನವದೆಹಲಿ, ಜುಲೈ 25: ಭ್ರಷ್ಟಾಚಾರ ಆರೋಪದ ನಂತರ ಅಲಹಾಬಾದ್ ಹೈಕೋರ್ಟ್‌ನ ನ್ಯಾಯಮೂರ್ತಿ ಯಶವಂತ್ ವರ್ಮಾ ಅವರನ್ನು ಪದಚ್ಯುತಿಗೊಳಿಸುವ ಪ್ರಸ್ತಾವನೆಗೆ ಎಲ್ಲಾ ರಾಜಕೀಯ ಪಕ್ಷಗಳು ಒಪ್ಪಿಗೆ ಸೂಚಿಸಿವೆ ಎಂದು ಕೇಂದ್ರ ಸಂಸದೀಯ ವ್ಯವಹಾರಗಳ ಸಚಿವ ಕಿರಣ್ ರಿಜಿಜು ಹೇಳಿದ್ದಾರೆ. ನ್ಯಾಯಮೂರ್ತಿ ವರ್ಮಾ ಅವರ ನಿವಾಸದಲ್ಲಿ ಭಾರಿ ಪ್ರಮಾಣದ ನಗದು ಪತ್ತೆಯಾದ ಪ್ರಕರಣಕ್ಕೆ ಸಂಬಂಧಿಸಿದಂತೆ ಲೋಕಸಭೆಯಲ್ಲಿ ಪದಚ್ಯುತಿ ನಿರ್ಣಯ ಮಂಡಿಸಲಾಗುವುದು. ಈ ಪ್ರಸ್ತಾವನೆಗೆ ಒಟ್ಟು 63 ರಾಜ್ಯಸಭಾ ಸದಸ್ಯರು ಹಾಗೂ 152 ಲೋಕಸಭಾ ಸದಸ್ಯರು ಸಹಿ ಮಾಡಿದ್ದಾರೆ. ಭ್ರಷ್ಟಾಚಾರದ ವಿರುದ್ಧ ಎಲ್ಲಾ ಪಕ್ಷಗಳು ಒಗ್ಗಟ್ಟಾಗಿ ನಿಂತಿವೆ. ಇದು ನ್ಯಾಯಾಂಗದ ಘನತೆ ಕಾಪಾಡುವ ನಿಟ್ಟಿನಲ್ಲಿ ಮಹತ್ವದ ಹೆಜ್ಜೆ ಎಂದು ಅವರು ತಿಳಿಸಿದರು. ನ್ಯಾಯಾಧೀಶರ ವಿಚಾರಣಾ ಕಾಯ್ದೆ 1968 ರ ಅಡಿಯಲ್ಲಿ ಮೂವರು ಸದಸ್ಯರ ಸಮಿತಿ ರಚಿಸಲಾಗುವುದು. ಸಮಿತಿಯ ವರದಿ ಆಧರಿಸಿ ಮುಂದಿನ ಕ್ರಮ ಕೈಗೊಳ್ಳಲಾಗುವುದು. ಮಾರ್ಚ್ 14 ರಂದು ನ್ಯಾಯಮೂರ್ತಿ ವರ್ಮಾ ಅವರ ದೆಹಲಿ ನಿವಾಸದಲ್ಲಿ ಬೆಂಕಿ ಅವಘಡ ಸಂಭವಿಸಿದಾಗ ಅಗ್ನಿಶಾಮಕ ಸಿಬ್ಬಂದಿಗೆ ಸುಟ್ಟ ನೋಟುಗಳ ರಾಶಿ ಪತ್ತೆಯಾಗಿತ್ತು. ಸುಪ್ರೀಂ ಕೋರ್ಟ್ ಮುಖ್ಯ ನ್ಯಾಯಮೂರ್ತಿ ಸಂಜೀವ್ ಖನ್ನಾ ಆಂತರಿಕ ತನಿಖೆಗೆ ಆದೇಶಿಸಿದ್ದರು. ತ್ರಿಸದಸ್ಯ ಸಮಿತಿಯು ವರ್ಮಾ ಅವರನ್ನು ತಪ್ಪಿತಸ್ಥರೆಂದು ಪರಿಗಣಿಸಿ ವರದಿ ಸಲ್ಲಿಸಿತ್ತು. ನಂತರ ಅವರನ್ನು ಅಲಹಾಬಾದ್ ಹೈಕೋರ್ಟ್‌ಗೆ ವರ್ಗಾವಣೆ ಮಾಡಲಾಗಿತ್ತು. ಸಂಸತ್ತಿನ ಮುಂಗಾರು ಅಧಿವೇಶನದಲ್ಲಿ ಈ ನಿರ್ಣಯ ಮಂಡನೆಯಾಗುವ ಸಾಧ್ಯತೆ ಇದೆ. ಪ್ರತಿಪಕ್ಷಗಳು ಸಹ ಬೆಂಬಲ ವ್ಯಕ್ತಪಡಿಸಿವೆ ಎಂದು ಕಿರಣ್ ರಿಜಿಜು ತಿಳಿಸಿದರು.
ಇನ್ನೂಂದೆ ತರಗತಿಯಲ್ಲಿ 45 ಕ್ಕಿಂತ ಹೆಚ್ಚು ವಿದ್ಯಾರ್ಥಿಗಳು ಇರುವಂತಿಲ್ಲ: ಸಿಬಿಎಸ್‌ಇ ಹೊಸ ನಿಯಮ ಜಾರಿ
ನವದೆಹಲಿ, ಜು.25: ಕೇಂದ್ರೀಯ ಪ್ರೌಢ ಶಿಕ್ಷಣ ಮಂಡಳಿ ತನ್ನ ಎಲ್ಲಾ ಶಾಲೆಗಳಿಗೆ ಹೊಸ ಮಾರ್ಗಸೂಚಿಯನ್ನು ಹೊರಡಿಸಿದೆ. ಈ ಹೊಸ ನಿಯಮದ ಪ್ರಕಾರ 1 ರಿಂದ 12 ನೇ ತರಗತಿಯವರೆಗಿನ ಪ್ರತಿ ವಿಭಾಗದಲ್ಲಿ ವಿದ್ಯಾರ್ಥಿಗಳ ಸಂಖ್ಯೆ 45 ಕ್ಕಿಂತ ಹೆಚ್ಚಿರಬಾರದು. ಸಾಮಾನ್ಯವಾಗಿ ಶಾಲೆಗಳು ಪ್ರತಿ ವಿಭಾಗದಲ್ಲಿ 40 ವಿದ್ಯಾರ್ಥಿಗಳನ್ನು ಹೊಂದಿರಬೇಕು. ಆದರೆ ಕೆಲವು ವಿಶೇಷ ಸಂದರ್ಭಗಳಲ್ಲಿ ಈ ಸಂಖ್ಯೆಯನ್ನು 45 ಕ್ಕೆ ಹೆಚ್ಚಿಸಲು ಅವಕಾಶವಿದೆ. ಇದು ಶಿಕ್ಷಕರು ಪ್ರತಿ ವಿದ್ಯಾರ್ಥಿಯತ್ತ ಗಮನ ಹರಿಸಲು ಸಹಾಯ ಮಾಡುತ್ತದೆ. ಶಾಲೆಗಳು ಮೂಲಸೌಕರ್ಯ ಹಾಗೂ ಶಿಕ್ಷಕರ ಲಭ್ಯತೆಯನ್ನು ಪರಿಗಣಿಸಿ ವಿಭಾಗಗಳನ್ನು ರಚಿಸಬೇಕು. ವರ್ಗಾವಣೆಗೊಂಡ ವಿದ್ಯಾರ್ಥಿಗಳು, ರಕ್ಷಣಾ ಸಿಬ್ಬಂದಿ ಹಾಗೂ ಕೇಂದ್ರ ಸರ್ಕಾರಿ ನೌಕರರ ಮಕ್ಕಳ ಪ್ರವೇಶ ಸಂದರ್ಭದಲ್ಲಿ ಈ ವಿನಾಯಿತಿ ಅನ್ವಯವಾಗಲಿದೆ. 1 ರಿಂದ 12 ನೇ ತರಗತಿವರೆಗೆ ಪ್ರತಿ ವಿಭಾಗಕ್ಕೆ ಗರಿಷ್ಠ 40 ವಿದ್ಯಾರ್ಥಿಗಳು ಇರಬೇಕು ಎಂದು ಸಿಬಿಎಸ್‌ಇ ಹೇಳಿದೆ. ಹೊಸ ನಿಯಮವು ಶೈಕ್ಷಣಿಕ ಗುಣಮಟ್ಟ ಹೆಚ್ಚಿಸಲು ಸಹಕಾರಿಯಾಗಲಿದೆ.
ಪಡಿತರ ಅಕ್ಕಿ ಅಕ್ರಮ ದಂಧೆ: ಮೂರು ಕಡೆ ದಾಳಿ ವಾಹನ ವಶ	1955 ರ ಅಡಿ ಪ್ರಕರಣ ದಾಖಲಿಸಿ, ತನಿಖೆ ಕೈಗೊಂಡಿರುವುದಾಗಿ ಪೊಲೀಸ್ ಪ್ರಕಟಣೆ ಪ್ರಕಟಣೆ ಮೂಲಕ ತಿಳಿಸಿದ್ದಾರೆ.
ಸುವರ್ಣವಾಹಿನಿ ಸುದ್ದಿ ವಿಜಯನಗರ, ಜು.25: ಹೊಸಪೇಟೆ ನಗರದ ವಿವಿಧ ಕಡೆ ಪಡಿತರ ಅಕ್ಕಿ ಅಕ್ರಮ ಸಾಗಾಣಿಕೆ ಮಾಡುತ್ತಿದ್ದ ಜಾಲದ ಮೇಲೆ ದಾಳಿ ನಡೆಸಿದ ಆಹಾರ ಇಲಾಖೆ ಹಾಗೂ ಪೊಲೀಸ್ ಅಧಿಕಾರಿಗಳು ಮೂರು ವಾಹನಗಳನ್ನು ವಶಕ್ಕೆ ಪಡೆದಿದ್ದಾರೆ. ಎಸ್.ಆರ್ ನಗರ, ಜೆಪಿ ನಗರ ಹಾಗೂ ಟಿ.ಬಿ. ಡ್ಯಾಂ ರಸ್ತೆಯಲ್ಲಿ ದಾಳಿ ನಡೆಸಲಾಗಿದೆ. ಒಂದು ಕಡೆ 09 ಚೀಲ 130 ಕೆಜಿ ಅಂದಾಜು ಬೆಲೆ ರೂ.2,05,245 ಹಾಗೂ ಮತ್ತೊಂದು ಕಡೆ 08 ಕ್ವಿಂಟಾಲ್ ಅಂದಾಜು ಬೆಲೆ ರೂ.34,320 ಮೌಲ್ಯದ ಪಡಿತರ ಅಕ್ಕಿ ವಶಪಡಿಸಿಕೊಳ್ಳಲಾಗಿದೆ. ವಾಹನ ಸಂಖ್ಯೆ ಕೆಎ35ಸಿ5347 ಅಂದಾಜು ಬೆಲೆ ರೂ.2,00,000 ಹಾಗೂ 28350 ರೂ. ಮೌಲ್ಯದ 25500 ಕೆಜಿ ಅಕ್ಕಿ ವಶಕ್ಕೆ ಪಡೆಯಲಾಗಿದೆ. ಅಗತ್ಯ ವಸ್ತುಗಳ ಕಾಯ್ದೆ ಅಡಿ ಪ್ರಕರಣ ದಾಖಲಿಸಲಾಗಿದೆ. ಆರೋಪಿಗಳ ಪತ್ತೆಗೆ ಬಲೆ ಬೀಸಲಾಗಿದೆ.
VEGETABLE EXPRESS
KA 35 D 5347
